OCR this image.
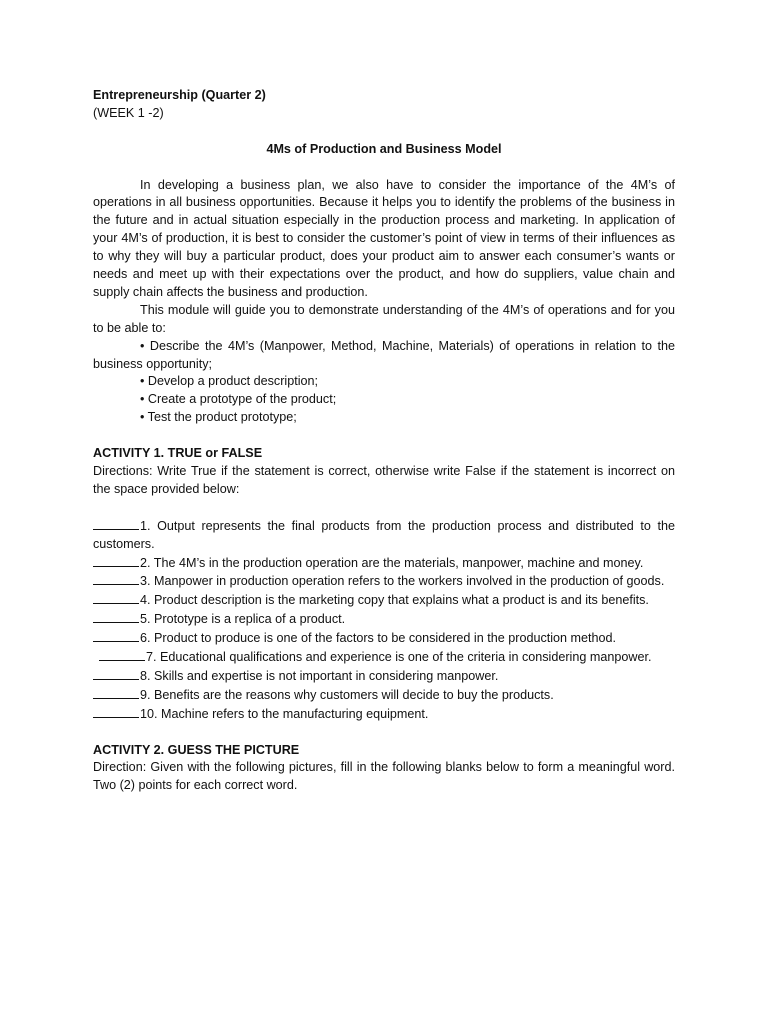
Entrepreneurship (Quarter 2)
(WEEK 1 -2)
4Ms of Production and Business Model

In developing a business plan, we also have to consider the importance of the 4M’s of operations in all business opportunities. Because it helps you to identify the problems of the business in the future and in actual situation especially in the production process and marketing. In application of your 4M’s of production, it is best to consider the customer’s point of view in terms of their influences as to why they will buy a particular product, does your product aim to answer each consumer’s wants or needs and meet up with their expectations over the product, and how do suppliers, value chain and supply chain affects the business and production.

This module will guide you to demonstrate understanding of the 4M’s of operations and for you to be able to:

• Describe the 4M’s (Manpower, Method, Machine, Materials) of operations in relation to the business opportunity;

• Develop a product description;
• Create a prototype of the product;
• Test the product prototype;
ACTIVITY 1. TRUE or FALSE

Directions: Write True if the statement is correct, otherwise write False if the statement is incorrect on the space provided below:

1. Output represents the final products from the production process and distributed to the customers.

2. The 4M’s in the production operation are the materials, manpower, machine and money.

3. Manpower in production operation refers to the workers involved in the production of goods.

4. Product description is the marketing copy that explains what a product is and its benefits.

5. Prototype is a replica of a product.

6. Product to produce is one of the factors to be considered in the production method.

7. Educational qualifications and experience is one of the criteria in considering manpower.

8. Skills and expertise is not important in considering manpower.

9. Benefits are the reasons why customers will decide to buy the products.

10. Machine refers to the manufacturing equipment.

ACTIVITY 2. GUESS THE PICTURE

Direction: Given with the following pictures, fill in the following blanks below to form a meaningful word. Two (2) points for each correct word.
